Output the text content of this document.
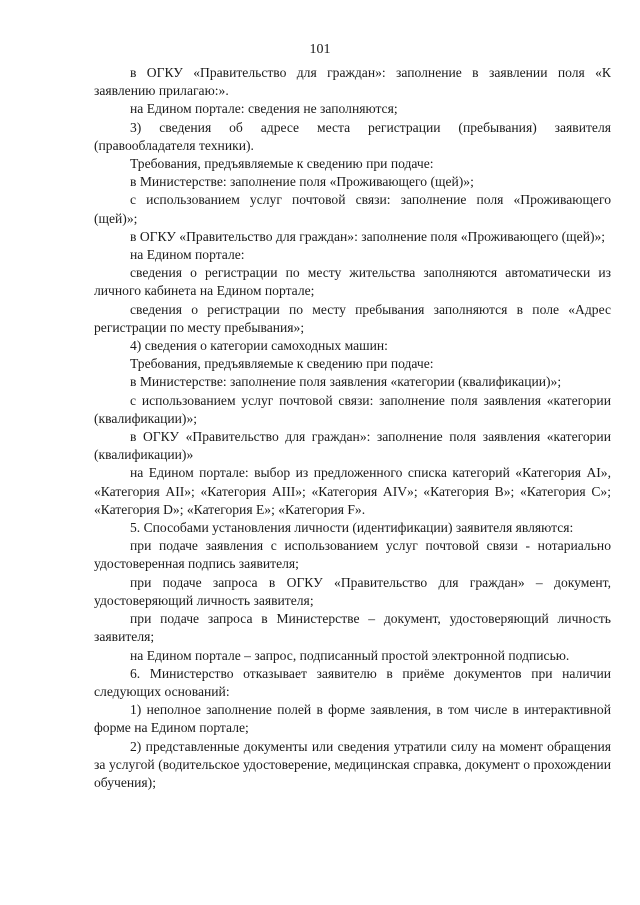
101

в ОГКУ «Правительство для граждан»: заполнение в заявлении поля «К заявлению прилагаю:».

на Едином портале: сведения не заполняются;

3) сведения об адресе места регистрации (пребывания) заявителя (правообладателя техники).

Требования, предъявляемые к сведению при подаче:

в Министерстве: заполнение поля «Проживающего (щей)»;

с использованием услуг почтовой связи: заполнение поля «Проживающего (щей)»;

в ОГКУ «Правительство для граждан»: заполнение поля «Проживающего (щей)»;

на Едином портале:

сведения о регистрации по месту жительства заполняются автоматически из личного кабинета на Едином портале;

сведения о регистрации по месту пребывания заполняются в поле «Адрес регистрации по месту пребывания»;

4) сведения о категории самоходных машин:

Требования, предъявляемые к сведению при подаче:

в Министерстве: заполнение поля заявления «категории (квалификации)»;

с использованием услуг почтовой связи: заполнение поля заявления «категории (квалификации)»;

в ОГКУ «Правительство для граждан»: заполнение поля заявления «категории (квалификации)»

на Едином портале: выбор из предложенного списка категорий «Категория AI», «Категория AII»; «Категория AIII»; «Категория AIV»; «Категория B»; «Категория C»; «Категория D»; «Категория E»; «Категория F».

5. Способами установления личности (идентификации) заявителя являются:

при подаче заявления с использованием услуг почтовой связи - нотариально удостоверенная подпись заявителя;

при подаче запроса в ОГКУ «Правительство для граждан» – документ, удостоверяющий личность заявителя;

при подаче запроса в Министерстве – документ, удостоверяющий личность заявителя;

на Едином портале – запрос, подписанный простой электронной подписью.

6. Министерство отказывает заявителю в приёме документов при наличии следующих оснований:

1) неполное заполнение полей в форме заявления, в том числе в интерактивной форме на Едином портале;

2) представленные документы или сведения утратили силу на момент обращения за услугой (водительское удостоверение, медицинская справка, документ о прохождении обучения);
